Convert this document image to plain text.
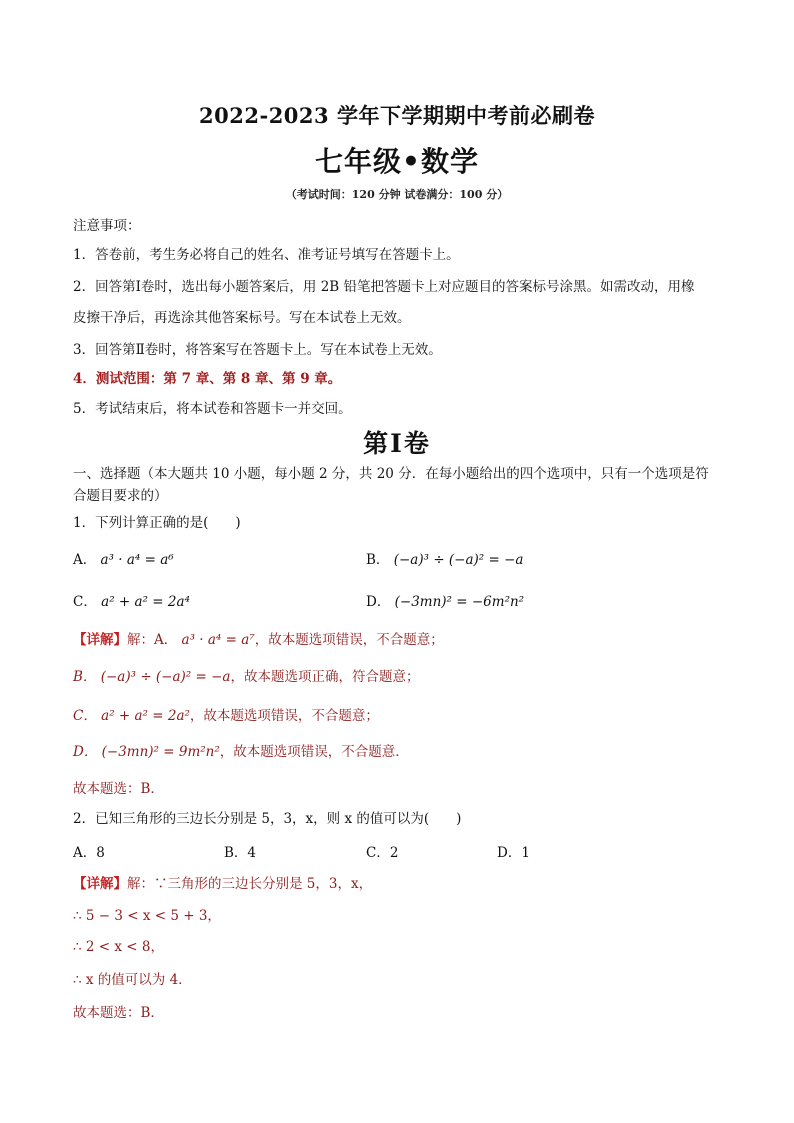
2022-2023 学年下学期期中考前必刷卷
七年级•数学
（考试时间：120 分钟 试卷满分：100 分）
注意事项：
1．答卷前，考生务必将自己的姓名、准考证号填写在答题卡上。
2．回答第Ⅰ卷时，选出每小题答案后，用 2B 铅笔把答题卡上对应题目的答案标号涂黑。如需改动，用橡
皮擦干净后，再选涂其他答案标号。写在本试卷上无效。
3．回答第Ⅱ卷时，将答案写在答题卡上。写在本试卷上无效。
4．测试范围：第 7 章、第 8 章、第 9 章。
5．考试结束后，将本试卷和答题卡一并交回。
第Ⅰ卷
一、选择题（本大题共 10 小题，每小题 2 分，共 20 分．在每小题给出的四个选项中，只有一个选项是符
合题目要求的）
1．下列计算正确的是(　　)
A． a³ · a⁴ = a⁶	B． (−a)³ ÷ (−a)² = −a
C． a² + a² = 2a⁴	D． (−3mn)² = −6m²n²
【详解】解：A． a³ · a⁴ = a⁷，故本题选项错误，不合题意；
B． (−a)³ ÷ (−a)² = −a，故本题选项正确，符合题意；
C． a² + a² = 2a²，故本题选项错误，不合题意；
D． (−3mn)² = 9m²n²，故本题选项错误，不合题意．
故本题选：B．
2．已知三角形的三边长分别是 5，3，x，则 x 的值可以为(　　)
A．8	B．4	C．2	D．1
【详解】解：∵三角形的三边长分别是 5，3，x，
∴ 5 − 3 < x < 5 + 3，
∴ 2 < x < 8，
∴ x 的值可以为 4．
故本题选：B．
